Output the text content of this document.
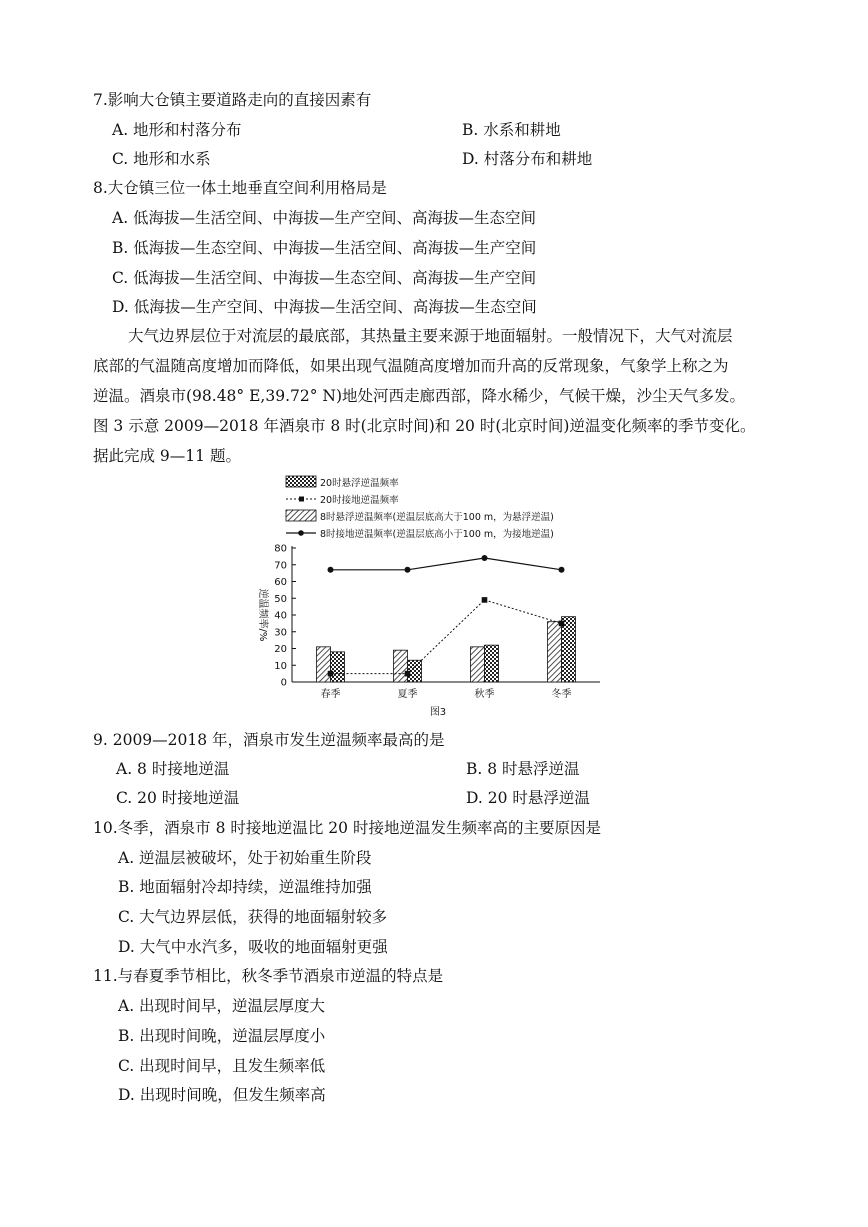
7.影响大仓镇主要道路走向的直接因素有
A. 地形和村落分布	B. 水系和耕地
C. 地形和水系	D. 村落分布和耕地
8.大仓镇三位一体土地垂直空间利用格局是
A. 低海拔—生活空间、中海拔—生产空间、高海拔—生态空间
B. 低海拔—生态空间、中海拔—生活空间、高海拔—生产空间
C. 低海拔—生活空间、中海拔—生态空间、高海拔—生产空间
D. 低海拔—生产空间、中海拔—生活空间、高海拔—生态空间
大气边界层位于对流层的最底部，其热量主要来源于地面辐射。一般情况下，大气对流层
底部的气温随高度增加而降低，如果出现气温随高度增加而升高的反常现象，气象学上称之为
逆温。酒泉市(98.48° E,39.72° N)地处河西走廊西部，降水稀少，气候干燥，沙尘天气多发。
图 3 示意 2009—2018 年酒泉市 8 时(北京时间)和 20 时(北京时间)逆温变化频率的季节变化。
据此完成 9—11 题。
20时悬浮逆温频率
20时接地逆温频率
8时悬浮逆温频率(逆温层底高大于100 m，为悬浮逆温)
8时接地逆温频率(逆温层底高小于100 m，为接地逆温)
0
10
20
30
40
50
60
70
80
逆温频率/%
春季	夏季	秋季	冬季
图3
9. 2009—2018 年，酒泉市发生逆温频率最高的是
A. 8 时接地逆温	B. 8 时悬浮逆温
C. 20 时接地逆温	D. 20 时悬浮逆温
10.冬季，酒泉市 8 时接地逆温比 20 时接地逆温发生频率高的主要原因是
A. 逆温层被破坏，处于初始重生阶段
B. 地面辐射冷却持续，逆温维持加强
C. 大气边界层低，获得的地面辐射较多
D. 大气中水汽多，吸收的地面辐射更强
11.与春夏季节相比，秋冬季节酒泉市逆温的特点是
A. 出现时间早，逆温层厚度大
B. 出现时间晚，逆温层厚度小
C. 出现时间早，且发生频率低
D. 出现时间晚，但发生频率高
